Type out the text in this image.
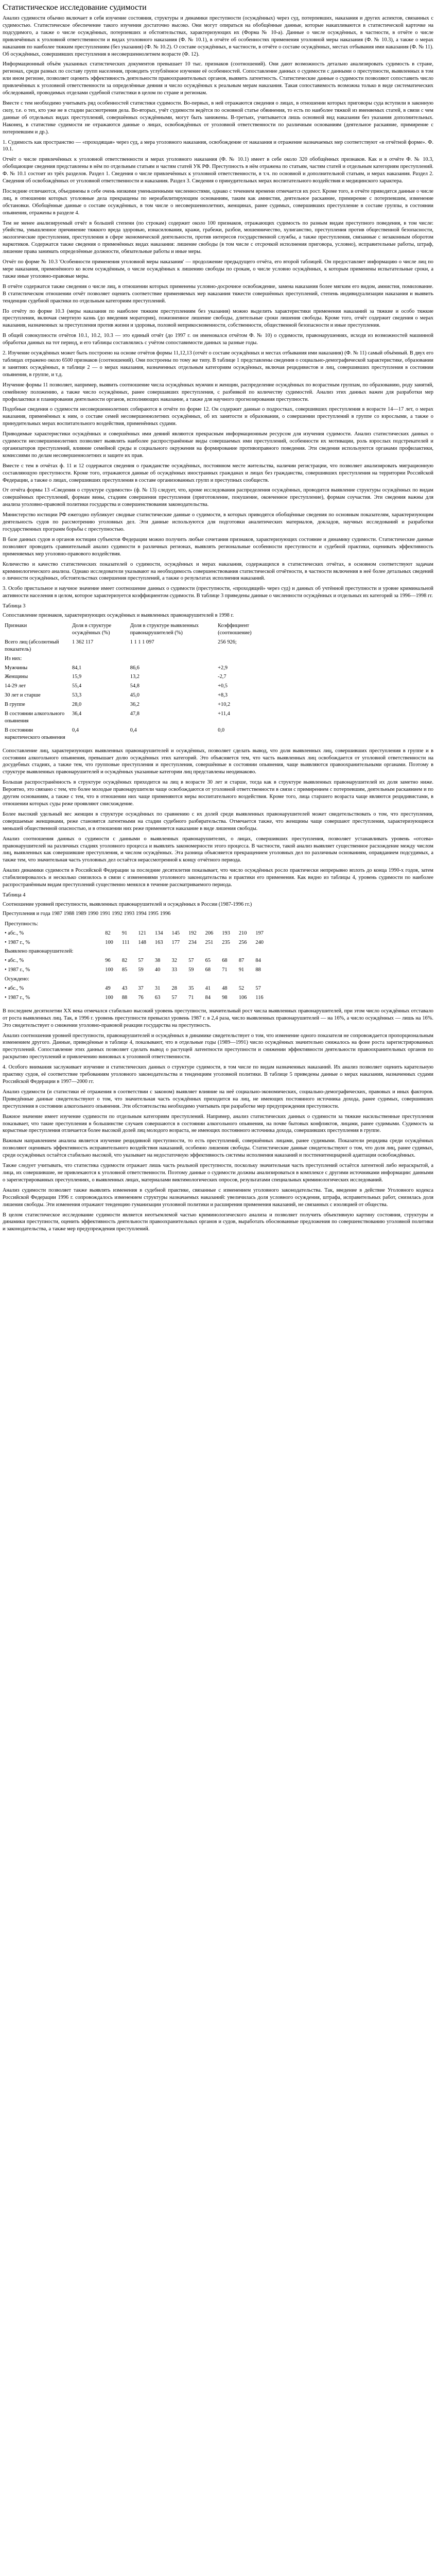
Статистическое исследование судимости

Анализ судимости обычно включает в себя изучение состояния, структуры и динамики преступности (осуждённых) через суд, потерпевших, наказания и других аспектов, связанных с судимостью. Статистическое обеспечение такого изучения достаточно высоко. Они могут опираться на обобщённые данные, которые накапливаются в статистической карточке на подсудимого, а также о числе осуждённых, потерпевших и обстоятельствах, характеризующих их (Форма № 10-а). Данные о числе осуждённых, в частности, в отчёте о числе привлечённых к уголовной ответственности и видах уголовного наказания (Ф. № 10.1), в отчёте об особенностях применения уголовной меры наказания (Ф. № 10.3), а также о мерах наказания по наиболее тяжким преступлениям (без указания) (Ф. № 10.2). О составе осуждённых, в частности, в отчёте о составе осуждённых, местах отбывания ими наказания (Ф. № 11). Об осуждённых, совершивших преступления в несовершеннолетнем возрасте (Ф. 12).

Информационный объём указанных статистических документов превышает 10 тыс. признаков (соотношений). Они дают возможность детально анализировать судимость в стране, регионах, среди разных по составу групп населения, проводить углублённое изучение её особенностей. Сопоставление данных о судимости с данными о преступности, выявленных в том или ином регионе, позволяет оценить эффективность деятельности правоохранительных органов, выявить латентность. Статистические данные о судимости позволяют сопоставить число привлечённых к уголовной ответственности за определённые деяния и число осуждённых к реальным мерам наказания. Такая сопоставимость возможна только в виде систематических обследований, проводимых отделами судебной статистики в целом по стране и регионам.

Вместе с тем необходимо учитывать ряд особенностей статистики судимости. Во-первых, в ней отражаются сведения о лицах, в отношении которых приговоры суда вступили в законную силу, т.е. о тех, кто уже не в стадии рассмотрения дела. Во-вторых, учёт судимости ведётся по основной статье обвинения, то есть по наиболее тяжкой из вменяемых статей, в связи с чем данные об отдельных видах преступлений, совершённых осуждёнными, могут быть занижены. В-третьих, учитывается лишь основной вид наказания без указания дополнительных. Наконец, в статистике судимости не отражаются данные о лицах, освобождённых от уголовной ответственности по различным основаниям (деятельное раскаяние, примирение с потерпевшим и др.).

1. Судимость как пространство — «проходящая» через суд, а мера уголовного наказания, освобождение от наказания и отражение назначаемых мер соответствуют «в отчётной форме». Ф. 10.1.

Отчёт о числе привлечённых к уголовной ответственности и мерах уголовного наказания (Ф. № 10.1) имеет в себе около 320 обобщённых признаков. Как и в отчёте Ф. № 10.3, обобщающие сведения представлены в нём по отдельным статьям и частям статей УК РФ. Преступность в нём отражена по статьям, частям статей и отдельным категориям преступлений. Ф. № 10.1 состоит из трёх разделов. Раздел 1. Сведения о числе привлечённых к уголовной ответственности, в т.ч. по основной и дополнительной статьям, и мерах наказания. Раздел 2. Сведения об освобождённых от уголовной ответственности и наказания. Раздел 3. Сведения о принудительных мерах воспитательного воздействия и медицинского характера.

Последние отличаются, объединены в себе очень низкими уменьшенными численностями, однако с течением времени отмечается их рост. Кроме того, в отчёте приводятся данные о числе лиц, в отношении которых уголовные дела прекращены по нереабилитирующим основаниям, таким как амнистия, деятельное раскаяние, примирение с потерпевшим, изменение обстановки. Обобщённые данные о составе осуждённых, в том числе о несовершеннолетних, женщинах, ранее судимых, совершивших преступление в составе группы, в состоянии опьянения, отражены в разделе 4.

Тем не менее анализируемый отчёт в большей степени (по строкам) содержит около 100 признаков, отражающих судимость по разным видам преступного поведения, в том числе: убийства, умышленное причинение тяжкого вреда здоровью, изнасилования, кражи, грабежи, разбои, мошенничество, хулиганство, преступления против общественной безопасности, экологические преступления, преступления в сфере экономической деятельности, против интересов государственной службы, а также преступления, связанные с незаконным оборотом наркотиков. Содержатся также сведения о применённых видах наказания: лишение свободы (в том числе с отсрочкой исполнения приговора, условно), исправительные работы, штраф, лишение права занимать определённые должности, обязательные работы и иные меры.

Отчёт по форме № 10.3 'Особенности применения уголовной меры наказания' — продолжение предыдущего отчёта, его второй таблицей. Он предоставляет информацию о числе лиц по мере наказания, применённого ко всем осуждённым, о числе осуждённых к лишению свободы по срокам, о числе условно осуждённых, к которым применены испытательные сроки, а также иные уголовно-правовые меры.

В отчёте содержатся также сведения о числе лиц, в отношении которых применены условно-досрочное освобождение, замена наказания более мягким его видом, амнистия, помилование. В статистическом отношении отчёт позволяет оценить соответствие применяемых мер наказания тяжести совершённых преступлений, степень индивидуализации наказания и выявить тенденции судебной практики по отдельным категориям преступлений.

По отчёту по форме 10.3 (меры наказания по наиболее тяжким преступлениям без указания) можно выделить характеристики применения наказаний за тяжкие и особо тяжкие преступления, включая смертную казнь (до введения моратория), пожизненное лишение свободы, длительные сроки лишения свободы. Кроме того, отчёт содержит сведения о мерах наказания, назначенных за преступления против жизни и здоровья, половой неприкосновенности, собственности, общественной безопасности и иные преступления.

В общей совокупности отчётов 10.1, 10.2, 10.3 — это единый отчёт (до 1997 г. он именовался отчётом Ф. № 10) о судимости, правонарушениях, исходя из возможностей машинной обработки данных на тот период, и его таблицы составлялись с учётом сопоставимости данных за разные годы.

2. Изучение осуждённых может быть построено на основе отчётов формы 11,12,13 (отчёт о составе осуждённых и местах отбывания ими наказания) (Ф. № 11) самый объёмный. В двух его таблицах отражено около 6500 признаков (соотношений). Они построены по тому же типу. В таблице 1 представлены сведения о социально-демографической характеристике, образовании и занятиях осуждённых, в таблице 2 — о мерах наказания, назначенных отдельным категориям осуждённых, включая рецидивистов и лиц, совершивших преступления в состоянии опьянения, в группе, и т.д.

Изучение формы 11 позволяет, например, выявить соотношение числа осуждённых мужчин и женщин, распределение осуждённых по возрастным группам, по образованию, роду занятий, семейному положению, а также число осуждённых, ранее совершавших преступления, с разбивкой по количеству судимостей. Анализ этих данных важен для разработки мер профилактики и планирования деятельности органов, исполняющих наказание, а также для научного прогнозирования преступности.

Подобные сведения о судимости несовершеннолетних собираются в отчёте по форме 12. Он содержит данные о подростках, совершивших преступления в возрасте 14—17 лет, о мерах наказания, применённых к ним, о составе семей несовершеннолетних осуждённых, об их занятости и образовании, о совершении преступлений в группе со взрослыми, а также о принудительных мерах воспитательного воздействия, применённых судами.

Приводимые характеристики осуждённых и совершённых ими деяний являются прекрасным информационным ресурсом для изучения судимости. Анализ статистических данных о судимости несовершеннолетних позволяет выявлять наиболее распространённые виды совершаемых ими преступлений, особенности их мотивации, роль взрослых подстрекателей и организаторов преступлений, влияние семейной среды и социального окружения на формирование противоправного поведения. Эти сведения используются органами профилактики, комиссиями по делам несовершеннолетних и защите их прав.

Вместе с тем в отчётах ф. 11 и 12 содержатся сведения о гражданстве осуждённых, постоянном месте жительства, наличии регистрации, что позволяет анализировать миграционную составляющую преступности. Кроме того, отражаются данные об осуждённых иностранных гражданах и лицах без гражданства, совершивших преступления на территории Российской Федерации, а также о лицах, совершивших преступления в составе организованных групп и преступных сообществ.

От отчёта формы 13 «Сведения о структуре судимости» (ф. № 13) следует, что, кроме исследования распределения осуждённых, проводится выявление структуры осуждённых по видам совершённых преступлений, формам вины, стадиям совершения преступления (приготовление, покушение, оконченное преступление), формам соучастия. Эти сведения важны для анализа уголовно-правовой политики государства и совершенствования законодательства.

Министерство юстиции РФ ежегодно публикует сводные статистические данные о судимости, в которых приводятся обобщённые сведения по основным показателям, характеризующим деятельность судов по рассмотрению уголовных дел. Эти данные используются для подготовки аналитических материалов, докладов, научных исследований и разработки государственных программ борьбы с преступностью.

В базе данных судов и органов юстиции субъектов Федерации можно получить любые сочетания признаков, характеризующих состояние и динамику судимости. Статистические данные позволяют проводить сравнительный анализ судимости в различных регионах, выявлять региональные особенности преступности и судебной практики, оценивать эффективность применяемых мер уголовно-правового воздействия.

Количество и качество статистических показателей о судимости, осуждённых и мерах наказания, содержащихся в статистических отчётах, в основном соответствуют задачам криминологического анализа. Однако исследователи указывают на необходимость совершенствования статистической отчётности, в частности включения в неё более детальных сведений о личности осуждённых, обстоятельствах совершения преступлений, а также о результатах исполнения наказаний.

3. Особо пристальное и научное значение имеет соотношение данных о судимости (преступности, «проходящей» через суд) и данных об учтённой преступности и уровне криминальной активности населения в целом, которое характеризуется коэффициентом судимости. В таблице 3 приведены данные о численности осуждённых и отдельных их категорий за 1996—1998 гг.

Таблица 3
Сопоставление признаков, характеризующих осуждённых и выявленных правонарушителей в 1998 г.
Признаки	Доля в структуре осуждённых (%)	Доля в структуре выявленных правонарушителей (%)	Коэффициент (соотношение)
Всего лиц (абсолютный показатель)	1 362 117	1 1 1 1 097	256 926;
Из них:			
Мужчины	84,1	86,6	+2,9
Женщины	15,9	13,2	-2,7
14-29 лет	55,4	54,8	+0,5
30 лет и старше	53,3	45,0	+8,3
В группе	28,0	36,2	+10,2
В состоянии алкогольного опьянения	36,4	47,8	+11,4
В состоянии наркотического опьянения	0,4	0,4	0,0

Сопоставление лиц, характеризующих выявленных правонарушителей и осуждённых, позволяет сделать вывод, что доля выявленных лиц, совершивших преступления в группе и в состоянии алкогольного опьянения, превышает долю осуждённых этих категорий. Это объясняется тем, что часть выявленных лиц освобождается от уголовной ответственности на досудебных стадиях, а также тем, что групповые преступления и преступления, совершённые в состоянии опьянения, чаще выявляются правоохранительными органами. Поэтому в структуре выявленных правонарушителей и осуждённых указанные категории лиц представлены неодинаково.

Большая распространённость в структуре осуждённых приходится на лиц в возрасте 30 лет и старше, тогда как в структуре выявленных правонарушителей их доля заметно ниже. Вероятно, это связано с тем, что более молодые правонарушители чаще освобождаются от уголовной ответственности в связи с примирением с потерпевшим, деятельным раскаянием и по другим основаниям, а также с тем, что в отношении них чаще применяются меры воспитательного воздействия. Кроме того, лица старшего возраста чаще являются рецидивистами, в отношении которых суды реже проявляют снисхождение.

Более высокий удельный вес женщин в структуре осуждённых по сравнению с их долей среди выявленных правонарушителей может свидетельствовать о том, что преступления, совершаемые женщинами, реже становятся латентными на стадии судебного разбирательства. Отмечается также, что женщины чаще совершают преступления, характеризующиеся меньшей общественной опасностью, и в отношении них реже применяется наказание в виде лишения свободы.

Анализ соотношения данных о судимости с данными о выявленных правонарушителях, о лицах, совершивших преступления, позволяет устанавливать уровень «отсева» правонарушителей на различных стадиях уголовного процесса и выявлять закономерности этого процесса. В частности, такой анализ выявляет существенное расхождение между числом лиц, выявленных как совершившие преступления, и числом осуждённых. Эта разница объясняется прекращением уголовных дел по различным основаниям, оправданием подсудимых, а также тем, что значительная часть уголовных дел остаётся нерассмотренной к концу отчётного периода.

Анализ динамики судимости в Российской Федерации за последние десятилетия показывает, что число осуждённых росло практически непрерывно вплоть до конца 1990-х годов, затем стабилизировалось и несколько снизилось в связи с изменениями уголовного законодательства и практики его применения. Как видно из таблицы 4, уровень судимости по наиболее распространённым видам преступлений существенно менялся в течение рассматриваемого периода.

Таблица 4
Соотношение уровней преступности, выявленных правонарушителей и осуждённых в России (1987-1996 гг.)
Преступления и года 1987 1988 1989 1990 1991 1992 1993 1994 1995 1996
Преступность:										
• абс., %	82	91	121	134	145	192	206	193	210	197
• 1987 г., %	100	111	148	163	177	234	251	235	256	240
Выявлено правонарушителей:										
• абс., %	96	82	57	38	32	57	65	68	87	84
• 1987 г., %	100	85	59	40	33	59	68	71	91	88
Осуждено:										
• абс., %	49	43	37	31	28	35	41	48	52	57
• 1987 г., %	100	88	76	63	57	71	84	98	106	116

В последнем десятилетии XX века отмечался стабильно высокий уровень преступности, значительный рост числа выявленных правонарушителей, при этом число осуждённых отставало от роста выявленных лиц. Так, в 1996 г. уровень преступности превысил уровень 1987 г. в 2,4 раза, число выявленных правонарушителей — на 16%, а число осуждённых — лишь на 16%. Это свидетельствует о снижении уголовно-правовой реакции государства на преступность.

Анализ соотношения уровней преступности, правонарушителей и осуждённых в динамике свидетельствует о том, что изменение одного показателя не сопровождается пропорциональным изменением другого. Данные, приведённые в таблице 4, показывают, что в отдельные годы (1989—1991) число осуждённых значительно снижалось на фоне роста зарегистрированных преступлений. Сопоставление этих данных позволяет сделать вывод о растущей латентности преступности и снижении эффективности деятельности правоохранительных органов по раскрытию преступлений и привлечению виновных к уголовной ответственности.

4. Особого внимания заслуживает изучение и статистических данных о структуре судимости, в том числе по видам назначенных наказаний. Их анализ позволяет оценить карательную практику судов, её соответствие требованиям уголовного законодательства и тенденциям уголовной политики. В таблице 5 приведены данные о мерах наказания, назначенных судами Российской Федерации в 1997—2000 гг.

Анализ судимости (и статистики её отражения в соответствии с законом) выявляет влияние на неё социально-экономических, социально-демографических, правовых и иных факторов. Приведённые данные свидетельствуют о том, что значительная часть осуждённых приходится на лиц, не имеющих постоянного источника дохода, ранее судимых, совершивших преступления в состоянии алкогольного опьянения. Эти обстоятельства необходимо учитывать при разработке мер предупреждения преступности.

Важное значение имеет изучение судимости по отдельным категориям преступлений. Например, анализ статистических данных о судимости за тяжкие насильственные преступления показывает, что такие преступления в большинстве случаев совершаются в состоянии алкогольного опьянения, на почве бытовых конфликтов, лицами, ранее судимыми. Судимость за корыстные преступления отличается более высокой долей лиц молодого возраста, не имеющих постоянного источника дохода, совершивших преступления в группе.

Важным направлением анализа является изучение рецидивной преступности, то есть преступлений, совершённых лицами, ранее судимыми. Показатели рецидива среди осуждённых позволяют оценивать эффективность исправительного воздействия наказаний, особенно лишения свободы. Статистические данные свидетельствуют о том, что доля лиц, ранее судимых, среди осуждённых остаётся стабильно высокой, что указывает на недостаточную эффективность системы исполнения наказаний и постпенитенциарной адаптации освобождённых.

Также следует учитывать, что статистика судимости отражает лишь часть реальной преступности, поскольку значительная часть преступлений остаётся латентной либо нераскрытой, а лица, их совершившие, не привлекаются к уголовной ответственности. Поэтому данные о судимости должны анализироваться в комплексе с другими источниками информации: данными о зарегистрированных преступлениях, о выявленных лицах, материалами виктимологических опросов, результатами специальных криминологических исследований.

Анализ судимости позволяет также выявлять изменения в судебной практике, связанные с изменением уголовного законодательства. Так, введение в действие Уголовного кодекса Российской Федерации 1996 г. сопровождалось изменением структуры назначаемых наказаний: увеличилась доля условного осуждения, штрафа, исправительных работ, снизилась доля лишения свободы. Эти изменения отражают тенденцию гуманизации уголовной политики и расширения применения наказаний, не связанных с изоляцией от общества.

В целом статистическое исследование судимости является неотъемлемой частью криминологического анализа и позволяет получить объективную картину состояния, структуры и динамики преступности, оценить эффективность деятельности правоохранительных органов и судов, выработать обоснованные предложения по совершенствованию уголовной политики и законодательства, а также мер предупреждения преступлений.
